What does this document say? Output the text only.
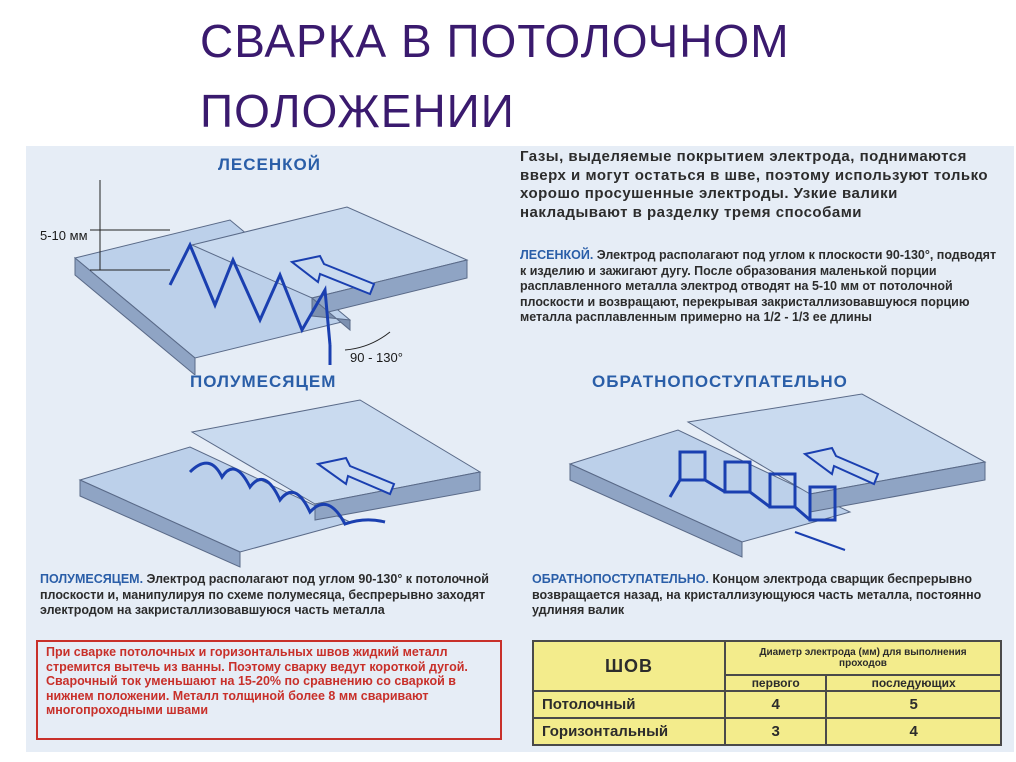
СВАРКА В ПОТОЛОЧНОМ
ПОЛОЖЕНИИ
ЛЕСЕНКОЙ
5-10 мм
90 - 130°
ПОЛУМЕСЯЦЕМ	ОБРАТНОПОСТУПАТЕЛЬНО
Газы, выделяемые покрытием электрода, поднимаются вверх и могут остаться в шве, поэтому используют только хорошо просушенные электроды. Узкие валики накладывают в разделку тремя способами
ЛЕСЕНКОЙ. Электрод располагают под углом к плоскости 90-130°, подводят к изделию и зажигают дугу. После образования маленькой порции расплавленного металла электрод отводят на 5-10 мм от потолочной плоскости и возвращают, перекрывая закристаллизовавшуюся порцию металла расплавленным примерно на 1/2 - 1/3 ее длины
ПОЛУМЕСЯЦЕМ. Электрод располагают под углом 90-130° к потолочной плоскости и, манипулируя по схеме полумесяца, беспрерывно заходят электродом на закристаллизовавшуюся часть металла
ОБРАТНОПОСТУПАТЕЛЬНО. Концом электрода сварщик беспрерывно возвращается назад, на кристаллизующуюся часть металла, постоянно удлиняя валик
При сварке потолочных и горизонтальных швов жидкий металл стремится вытечь из ванны. Поэтому сварку ведут короткой дугой. Сварочный ток уменьшают на 15-20% по сравнению со сваркой в нижнем положении. Металл толщиной более 8 мм сваривают многопроходными швами
ШОВ	Диаметр электрода (мм) для выполнения проходов	
	первого	последующих
Потолочный	4	5
Горизонтальный	3	4
